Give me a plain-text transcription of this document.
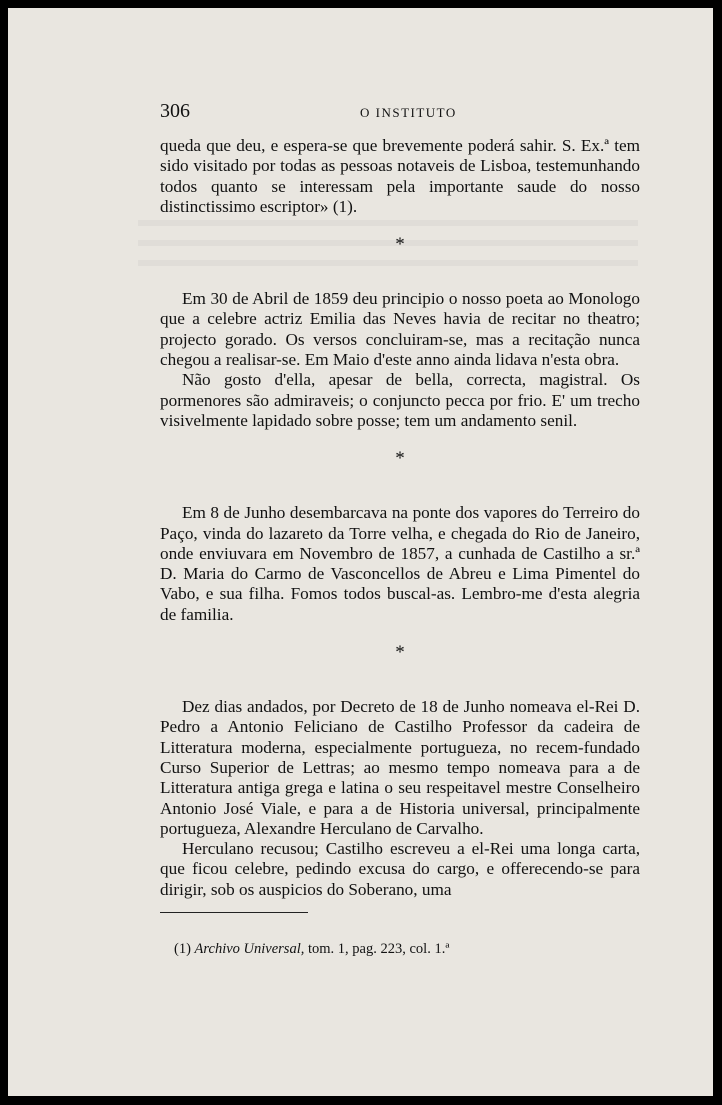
306	O INSTITUTO

queda que deu, e espera-se que brevemente poderá sahir. S. Ex.ª tem sido visitado por todas as pessoas notaveis de Lisboa, testemunhando todos quanto se interessam pela importante saude do nosso distinctissimo escriptor» (1).

*

Em 30 de Abril de 1859 deu principio o nosso poeta ao Monologo que a celebre actriz Emilia das Neves havia de recitar no theatro; projecto gorado. Os versos concluiram-se, mas a recitação nunca chegou a realisar-se. Em Maio d'este anno ainda lidava n'esta obra.

Não gosto d'ella, apesar de bella, correcta, magistral. Os pormenores são admiraveis; o conjuncto pecca por frio. E' um trecho visivelmente lapidado sobre posse; tem um andamento senil.

*

Em 8 de Junho desembarcava na ponte dos vapores do Terreiro do Paço, vinda do lazareto da Torre velha, e chegada do Rio de Janeiro, onde enviuvara em Novembro de 1857, a cunhada de Castilho a sr.ª D. Maria do Carmo de Vasconcellos de Abreu e Lima Pimentel do Vabo, e sua filha. Fomos todos buscal-as. Lembro-me d'esta alegria de familia.

*

Dez dias andados, por Decreto de 18 de Junho nomeava el-Rei D. Pedro a Antonio Feliciano de Castilho Professor da cadeira de Litteratura moderna, especialmente portugueza, no recem-fundado Curso Superior de Lettras; ao mesmo tempo nomeava para a de Litteratura antiga grega e latina o seu respeitavel mestre Conselheiro Antonio José Viale, e para a de Historia universal, principalmente portugueza, Alexandre Herculano de Carvalho.

Herculano recusou; Castilho escreveu a el-Rei uma longa carta, que ficou celebre, pedindo excusa do cargo, e offerecendo-se para dirigir, sob os auspicios do Soberano, uma

(1) Archivo Universal, tom. 1, pag. 223, col. 1.ª
